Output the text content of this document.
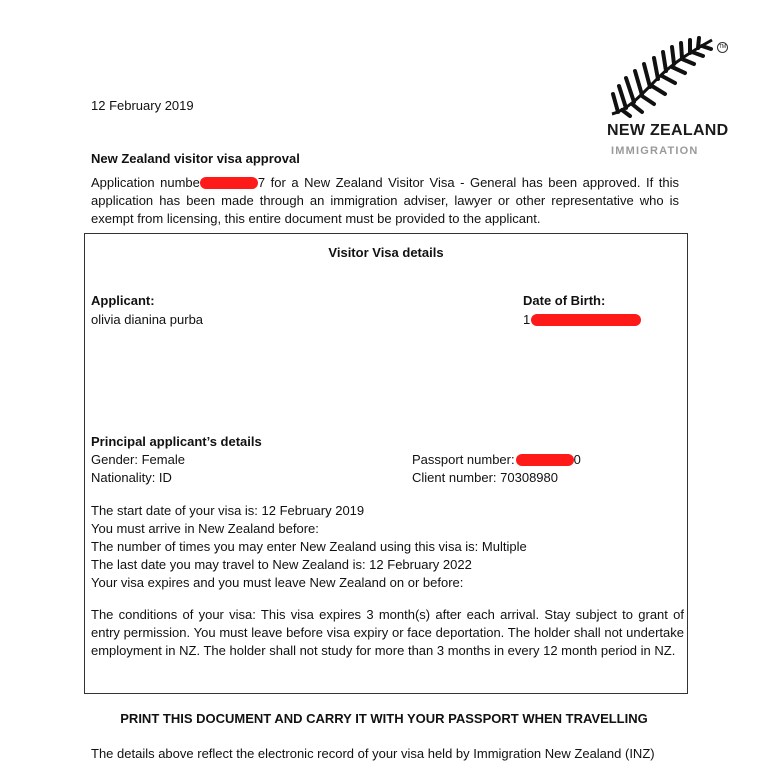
12 February 2019
TM
NEW ZEALAND
IMMIGRATION
New Zealand visitor visa approval
Application numbe	7 for a New Zealand Visitor Visa - General has been approved. If this application has been made through an immigration adviser, lawyer or other representative who is exempt from licensing, this entire document must be provided to the applicant.
Visitor Visa details
Applicant:
olivia dianina purba
Date of Birth:
1
Principal applicant’s details
Gender: Female
Nationality: ID
Passport number:	0
Client number: 70308980
The start date of your visa is: 12 February 2019
You must arrive in New Zealand before:
The number of times you may enter New Zealand using this visa is: Multiple
The last date you may travel to New Zealand is: 12 February 2022
Your visa expires and you must leave New Zealand on or before:
The conditions of your visa: This visa expires 3 month(s) after each arrival. Stay subject to grant of entry permission. You must leave before visa expiry or face deportation. The holder shall not undertake employment in NZ. The holder shall not study for more than 3 months in every 12 month period in NZ.
PRINT THIS DOCUMENT AND CARRY IT WITH YOUR PASSPORT WHEN TRAVELLING
The details above reflect the electronic record of your visa held by Immigration New Zealand (INZ)
